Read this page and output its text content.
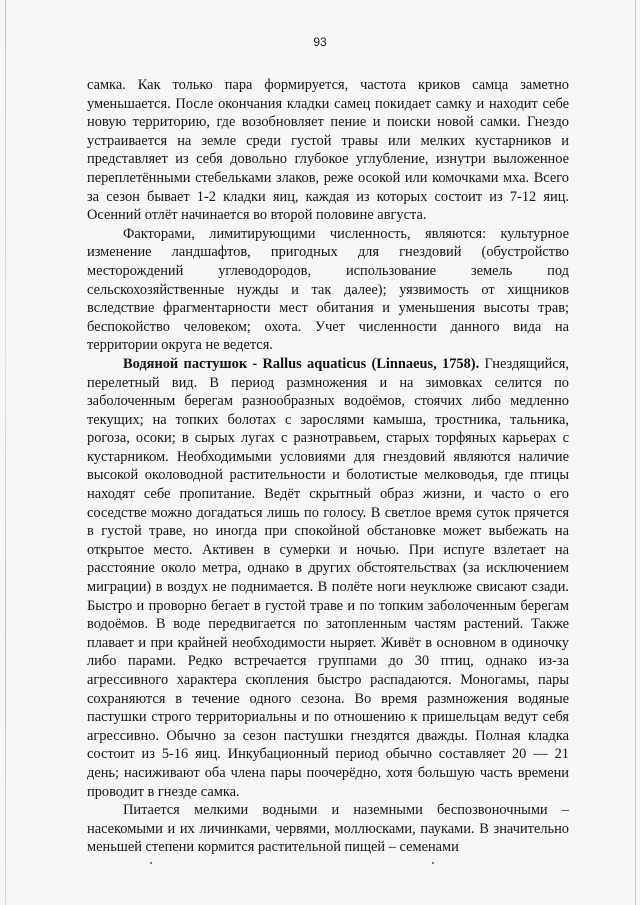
93

самка. Как только пара формируется, частота криков самца заметно уменьшается. После окончания кладки самец покидает самку и находит себе новую территорию, где возобновляет пение и поиски новой самки. Гнездо устраивается на земле среди густой травы или мелких кустарников и представляет из себя довольно глубокое углубление, изнутри выложенное переплетёнными стебельками злаков, реже осокой или комочками мха. Всего за сезон бывает 1-2 кладки яиц, каждая из которых состоит из 7-12 яиц. Осенний отлёт начинается во второй половине августа.

Факторами, лимитирующими численность, являются: культурное изменение ландшафтов, пригодных для гнездовий (обустройство месторождений углеводородов, использование земель под сельскохозяйственные нужды и так далее); уязвимость от хищников вследствие фрагментарности мест обитания и уменьшения высоты трав; беспокойство человеком; охота. Учет численности данного вида на территории округа не ведется.

Водяной пастушок - Rallus aquaticus (Linnaeus, 1758). Гнездящийся, перелетный вид. В период размножения и на зимовках селится по заболоченным берегам разнообразных водоёмов, стоячих либо медленно текущих; на топких болотах с зарослями камыша, тростника, тальника, рогоза, осоки; в сырых лугах с разнотравьем, старых торфяных карьерах с кустарником. Необходимыми условиями для гнездовий являются наличие высокой околоводной растительности и болотистые мелководья, где птицы находят себе пропитание. Ведёт скрытный образ жизни, и часто о его соседстве можно догадаться лишь по голосу. В светлое время суток прячется в густой траве, но иногда при спокойной обстановке может выбежать на открытое место. Активен в сумерки и ночью. При испуге взлетает на расстояние около метра, однако в других обстоятельствах (за исключением миграции) в воздух не поднимается. В полёте ноги неуклюже свисают сзади. Быстро и проворно бегает в густой траве и по топким заболоченным берегам водоёмов. В воде передвигается по затопленным частям растений. Также плавает и при крайней необходимости ныряет. Живёт в основном в одиночку либо парами. Редко встречается группами до 30 птиц, однако из-за агрессивного характера скопления быстро распадаются. Моногамы, пары сохраняются в течение одного сезона. Во время размножения водяные пастушки строго территориальны и по отношению к пришельцам ведут себя агрессивно. Обычно за сезон пастушки гнездятся дважды. Полная кладка состоит из 5-16 яиц. Инкубационный период обычно составляет 20 — 21 день; насиживают оба члена пары поочерёдно, хотя большую часть времени проводит в гнезде самка.

Питается мелкими водными и наземными беспозвоночными – насекомыми и их личинками, червями, моллюсками, пауками. В значительно меньшей степени кормится растительной пищей – семенами
